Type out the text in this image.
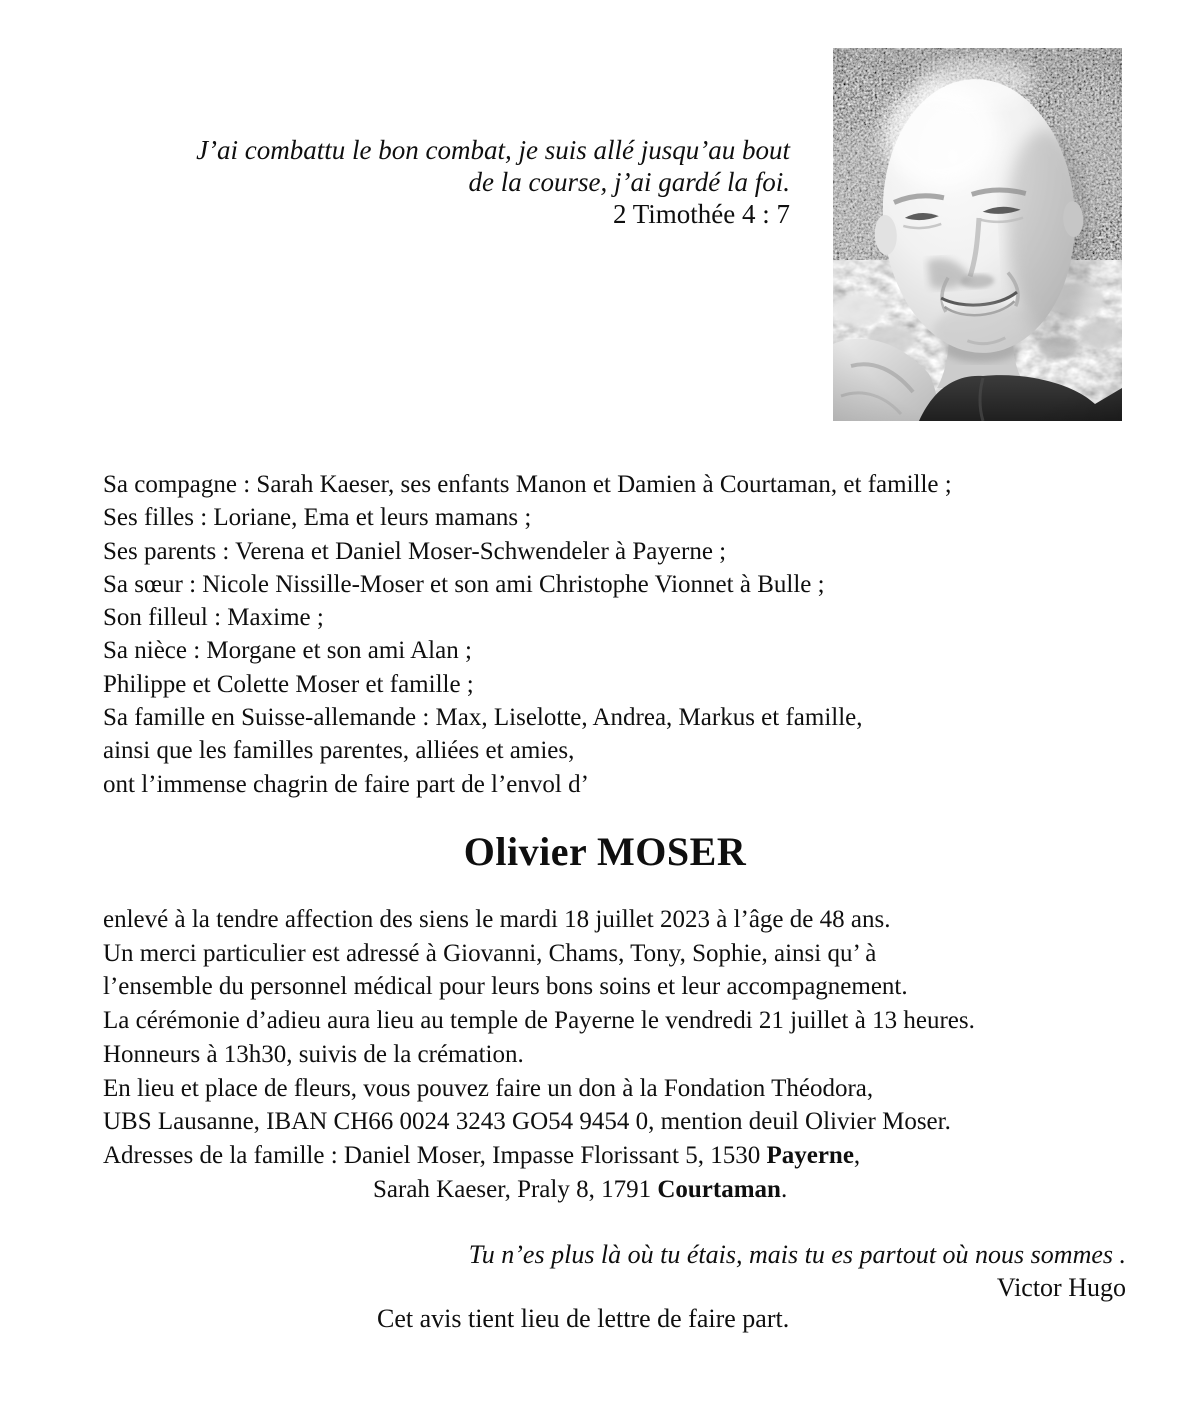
J’ai combattu le bon combat, je suis allé jusqu’au bout
de la course, j’ai gardé la foi.
2 Timothée 4 : 7
Sa compagne : Sarah Kaeser, ses enfants Manon et Damien à Courtaman, et famille ;
Ses filles : Loriane, Ema et leurs mamans ;
Ses parents : Verena et Daniel Moser-Schwendeler à Payerne ;
Sa sœur : Nicole Nissille-Moser et son ami Christophe Vionnet à Bulle ;
Son filleul : Maxime ;
Sa nièce : Morgane et son ami Alan ;
Philippe et Colette Moser et famille ;
Sa famille en Suisse-allemande : Max, Liselotte, Andrea, Markus et famille,
ainsi que les familles parentes, alliées et amies,
ont l’immense chagrin de faire part de l’envol d’
Olivier MOSER
enlevé à la tendre affection des siens le mardi 18 juillet 2023 à l’âge de 48 ans.
Un merci particulier est adressé à Giovanni, Chams, Tony, Sophie, ainsi qu’ à
l’ensemble du personnel médical pour leurs bons soins et leur accompagnement.
La cérémonie d’adieu aura lieu au temple de Payerne le vendredi 21 juillet à 13 heures.
Honneurs à 13h30, suivis de la crémation.
En lieu et place de fleurs, vous pouvez faire un don à la Fondation Théodora,
UBS Lausanne, IBAN CH66 0024 3243 GO54 9454 0, mention deuil Olivier Moser.
Adresses de la famille : Daniel Moser, Impasse Florissant 5, 1530 Payerne,
Sarah Kaeser, Praly 8, 1791 Courtaman.
Tu n’es plus là où tu étais, mais tu es partout où nous sommes .
Victor Hugo
Cet avis tient lieu de lettre de faire part.
